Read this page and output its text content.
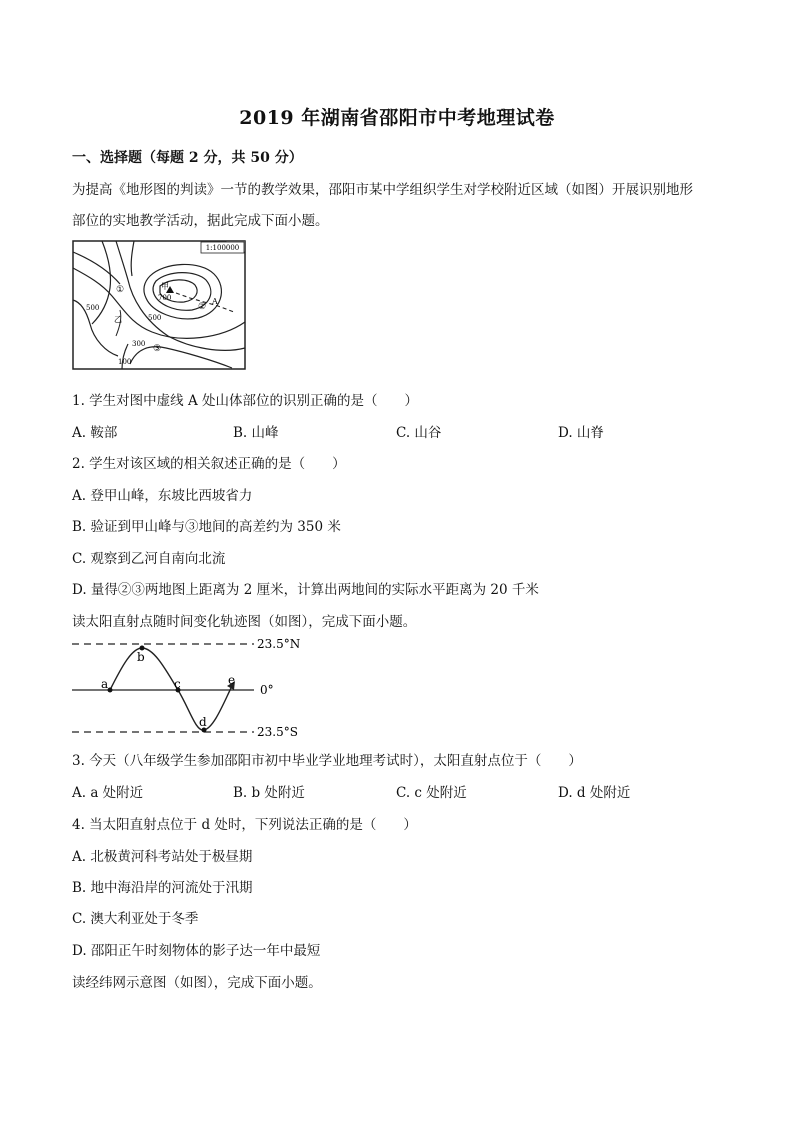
2019 年湖南省邵阳市中考地理试卷
一、选择题（每题 2 分，共 50 分）
为提高《地形图的判读》一节的教学效果，邵阳市某中学组织学生对学校附近区域（如图）开展识别地形
部位的实地教学活动，据此完成下面小题。
1:100000
甲
700
500
500
300
100
乙
①
②
③
A
1. 学生对图中虚线 A 处山体部位的识别正确的是（　　）
A. 鞍部	B. 山峰	C. 山谷	D. 山脊
2. 学生对该区域的相关叙述正确的是（　　）
A. 登甲山峰，东坡比西坡省力
B. 验证到甲山峰与③地间的高差约为 350 米
C. 观察到乙河自南向北流
D. 量得②③两地图上距离为 2 厘米，计算出两地间的实际水平距离为 20 千米
读太阳直射点随时间变化轨迹图（如图），完成下面小题。
a
b
c
d
e
23.5°N
0°
23.5°S
3. 今天（八年级学生参加邵阳市初中毕业学业地理考试时），太阳直射点位于（　　）
A. a 处附近	B. b 处附近	C. c 处附近	D. d 处附近
4. 当太阳直射点位于 d 处时，下列说法正确的是（　　）
A. 北极黄河科考站处于极昼期
B. 地中海沿岸的河流处于汛期
C. 澳大利亚处于冬季
D. 邵阳正午时刻物体的影子达一年中最短
读经纬网示意图（如图），完成下面小题。
